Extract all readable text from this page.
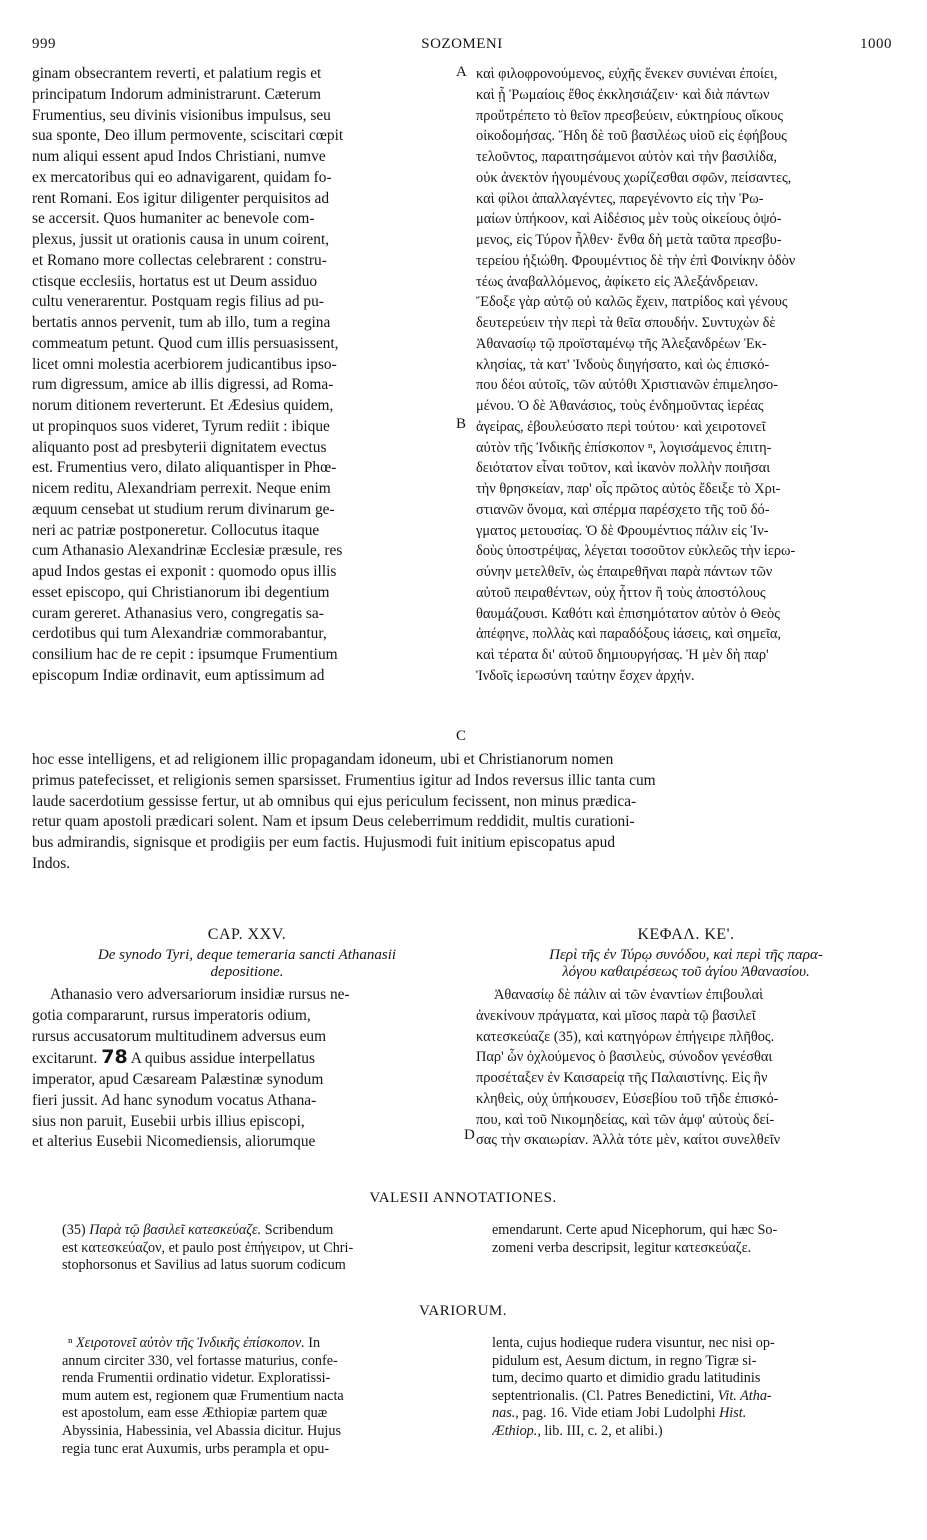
999	SOZOMENI	1000
ginam obsecrantem reverti, et palatium regis et
principatum Indorum administrarunt. Cæterum
Frumentius, seu divinis visionibus impulsus, seu
sua sponte, Deo illum permovente, sciscitari cœpit
num aliqui essent apud Indos Christiani, numve
ex mercatoribus qui eo adnavigarent, quidam fo-
rent Romani. Eos igitur diligenter perquisitos ad
se accersit. Quos humaniter ac benevole com-
plexus, jussit ut orationis causa in unum coirent,
et Romano more collectas celebrarent : constru-
ctisque ecclesiis, hortatus est ut Deum assiduo
cultu venerarentur. Postquam regis filius ad pu-
bertatis annos pervenit, tum ab illo, tum a regina
commeatum petunt. Quod cum illis persuasissent,
licet omni molestia acerbiorem judicantibus ipso-
rum digressum, amice ab illis digressi, ad Roma-
norum ditionem reverterunt. Et Ædesius quidem,
ut propinquos suos videret, Tyrum rediit : ibique
aliquanto post ad presbyterii dignitatem evectus
est. Frumentius vero, dilato aliquantisper in Phœ-
nicem reditu, Alexandriam perrexit. Neque enim
æquum censebat ut studium rerum divinarum ge-
neri ac patriæ postponeretur. Collocutus itaque
cum Athanasio Alexandrinæ Ecclesiæ præsule, res
apud Indos gestas ei exponit : quomodo opus illis
esset episcopo, qui Christianorum ibi degentium
curam gereret. Athanasius vero, congregatis sa-
cerdotibus qui tum Alexandriæ commorabantur,
consilium hac de re cepit : ipsumque Frumentium
episcopum Indiæ ordinavit, eum aptissimum ad
καὶ φιλοφρονούμενος, εὐχῆς ἕνεκεν συνιέναι ἐποίει,
καὶ ᾗ Ῥωμαίοις ἔθος ἐκκλησιάζειν· καὶ διὰ πάντων
προὔτρέπετο τὸ θεῖον πρεσβεύειν, εὐκτηρίους οἴκους
οἰκοδομήσας. Ἤδη δὲ τοῦ βασιλέως υἱοῦ εἰς ἐφήβους
τελοῦντος, παραιτησάμενοι αὐτὸν καὶ τὴν βασιλίδα,
οὐκ ἀνεκτὸν ἡγουμένους χωρίζεσθαι σφῶν, πείσαντες,
καὶ φίλοι ἀπαλλαγέντες, παρεγένοντο εἰς τὴν Ῥω-
μαίων ὑπήκοον, καὶ Αἰδέσιος μὲν τοὺς οἰκείους ὀψό-
μενος, εἰς Τύρον ἦλθεν· ἔνθα δὴ μετὰ ταῦτα πρεσβυ-
τερείου ἠξιώθη. Φρουμέντιος δὲ τὴν ἐπὶ Φοινίκην ὁδὸν
τέως ἀναβαλλόμενος, ἀφίκετο εἰς Ἀλεξάνδρειαν.
Ἔδοξε γὰρ αὐτῷ οὐ καλῶς ἔχειν, πατρίδος καὶ γένους
δευτερεύειν τὴν περὶ τὰ θεῖα σπουδήν. Συντυχὼν δὲ
Ἀθανασίῳ τῷ προϊσταμένῳ τῆς Ἀλεξανδρέων Ἐκ-
κλησίας, τὰ κατ' Ἰνδοὺς διηγήσατο, καὶ ὡς ἐπισκό-
που δέοι αὐτοῖς, τῶν αὐτόθι Χριστιανῶν ἐπιμελησο-
μένου. Ὁ δὲ Ἀθανάσιος, τοὺς ἐνδημοῦντας ἱερέας
ἀγείρας, ἐβουλεύσατο περὶ τούτου· καὶ χειροτονεῖ
αὐτὸν τῆς Ἰνδικῆς ἐπίσκοπον ⁿ, λογισάμενος ἐπιτη-
δειότατον εἶναι τοῦτον, καὶ ἱκανὸν πολλὴν ποιῆσαι
τὴν θρησκείαν, παρ' οἷς πρῶτος αὐτὸς ἔδειξε τὸ Χρι-
στιανῶν ὄνομα, καὶ σπέρμα παρέσχετο τῆς τοῦ δό-
γματος μετουσίας. Ὁ δὲ Φρουμέντιος πάλιν εἰς Ἰν-
δοὺς ὑποστρέψας, λέγεται τοσοῦτον εὐκλεῶς τὴν ἱερω-
σύνην μετελθεῖν, ὡς ἐπαιρεθῆναι παρὰ πάντων τῶν
αὐτοῦ πειραθέντων, οὐχ ἧττον ἢ τοὺς ἀποστόλους
θαυμάζουσι. Καθότι καὶ ἐπισημότατον αὐτὸν ὁ Θεὸς
ἀπέφηνε, πολλὰς καὶ παραδόξους ἰάσεις, καὶ σημεῖα,
καὶ τέρατα δι' αὐτοῦ δημιουργήσας. Ἡ μὲν δὴ παρ'
Ἰνδοῖς ἱερωσύνη ταύτην ἔσχεν ἀρχήν.
A
B
C
D
hoc esse intelligens, et ad religionem illic propagandam idoneum, ubi et Christianorum nomen
primus patefecisset, et religionis semen sparsisset. Frumentius igitur ad Indos reversus illic tanta cum
laude sacerdotium gessisse fertur, ut ab omnibus qui ejus periculum fecissent, non minus prædica-
retur quam apostoli prædicari solent. Nam et ipsum Deus celeberrimum reddidit, multis curationi-
bus admirandis, signisque et prodigiis per eum factis. Hujusmodi fuit initium episcopatus apud
Indos.
CAP. XXV.
De synodo Tyri, deque temeraria sancti Athanasii
depositione.
ΚΕΦΑΛ. ΚΕ'.
Περὶ τῆς ἐν Τύρῳ συνόδου, καὶ περὶ τῆς παρα-
λόγου καθαιρέσεως τοῦ ἁγίου Ἀθανασίου.
Athanasio vero adversariorum insidiæ rursus ne-
gotia compararunt, rursus imperatoris odium,
rursus accusatorum multitudinem adversus eum
excitarunt. 78 A quibus assidue interpellatus
imperator, apud Cæsaream Palæstinæ synodum
fieri jussit. Ad hanc synodum vocatus Athana-
sius non paruit, Eusebii urbis illius episcopi,
et alterius Eusebii Nicomediensis, aliorumque
Ἀθανασίῳ δὲ πάλιν αἱ τῶν ἐναντίων ἐπιβουλαὶ
ἀνεκίνουν πράγματα, καὶ μῖσος παρὰ τῷ βασιλεῖ
κατεσκεύαζε (35), καὶ κατηγόρων ἐπήγειρε πλῆθος.
Παρ' ὧν ὀχλούμενος ὁ βασιλεὺς, σύνοδον γενέσθαι
προσέταξεν ἐν Καισαρείᾳ τῆς Παλαιστίνης. Εἰς ἣν
κληθεὶς, οὐχ ὑπήκουσεν, Εὐσεβίου τοῦ τῆδε ἐπισκό-
που, καὶ τοῦ Νικομηδείας, καὶ τῶν ἀμφ' αὐτοὺς δεί-
σας τὴν σκαιωρίαν. Ἀλλὰ τότε μὲν, καίτοι συνελθεῖν
VALESII ANNOTATIONES.
(35) Παρὰ τῷ βασιλεῖ κατεσκεύαζε. Scribendum
est κατεσκεύαζον, et paulo post ἐπήγειρον, ut Chri-
stophorsonus et Savilius ad latus suorum codicum
emendarunt. Certe apud Nicephorum, qui hæc So-
zomeni verba descripsit, legitur κατεσκεύαζε.
VARIORUM.
ⁿ Χειροτονεῖ αὐτὸν τῆς Ἰνδικῆς ἐπίσκοπον. In
annum circiter 330, vel fortasse maturius, confe-
renda Frumentii ordinatio videtur. Exploratissi-
mum autem est, regionem quæ Frumentium nacta
est apostolum, eam esse Æthiopiæ partem quæ
Abyssinia, Habessinia, vel Abassia dicitur. Hujus
regia tunc erat Auxumis, urbs perampla et opu-
lenta, cujus hodieque rudera visuntur, nec nisi op-
pidulum est, Aesum dictum, in regno Tigræ si-
tum, decimo quarto et dimidio gradu latitudinis
septentrionalis. (Cl. Patres Benedictini, Vit. Atha-
nas., pag. 16. Vide etiam Jobi Ludolphi Hist.
Æthiop., lib. III, c. 2, et alibi.)
